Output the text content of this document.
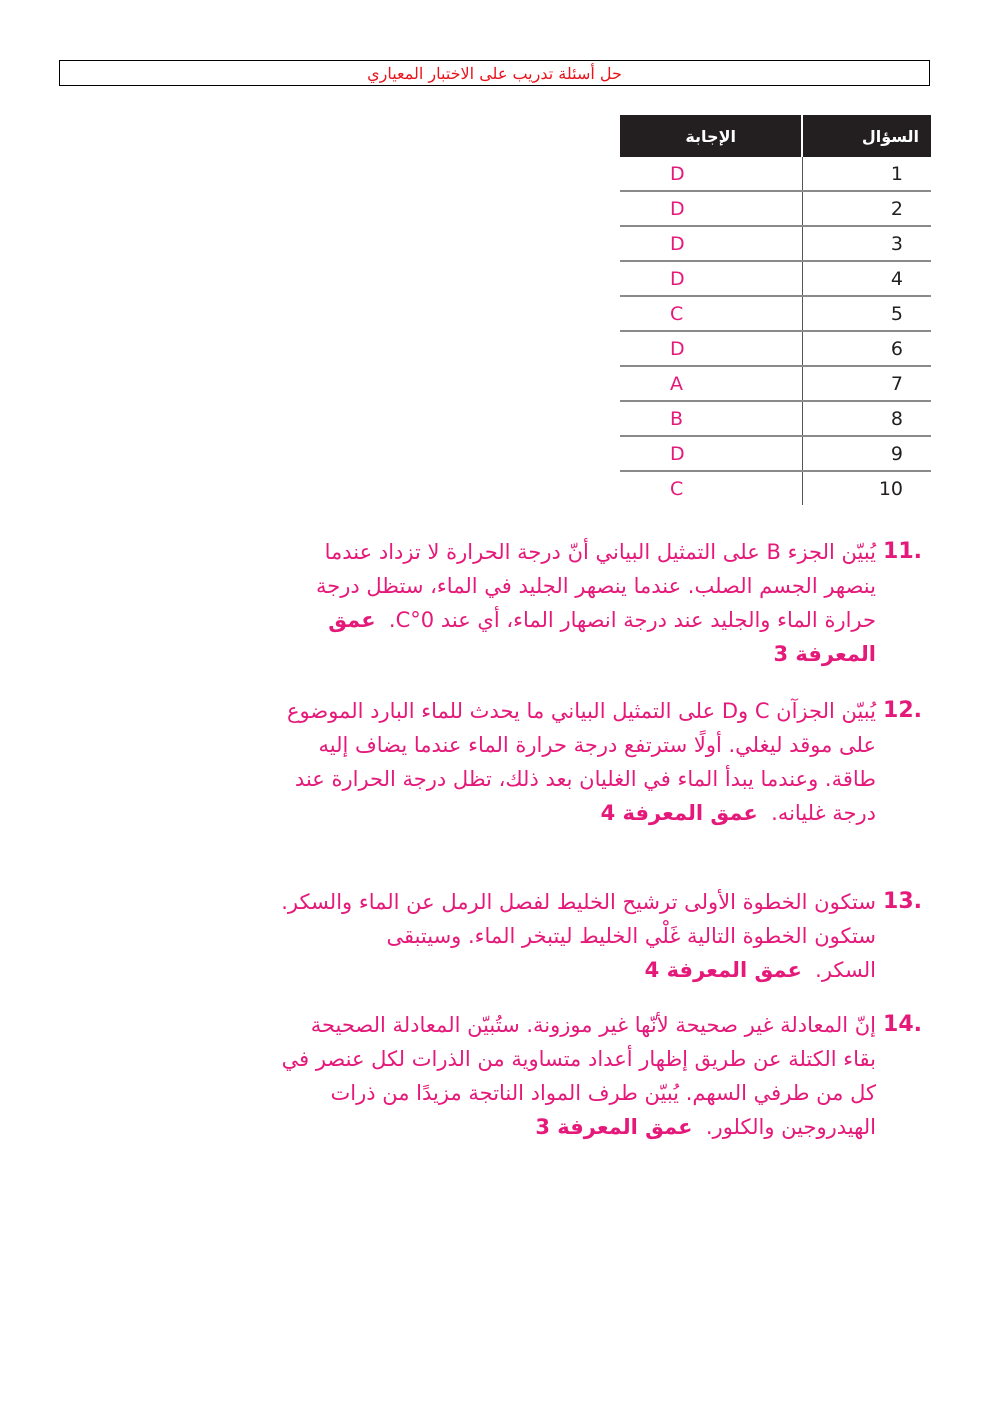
حل أسئلة تدريب على الاختبار المعياري
الإجابة	السؤال
D	1
D	2
D	3
D	4
C	5
D	6
A	7
B	8
D	9
C	10
11.
يُبيّن الجزء B على التمثيل البياني أنّ درجة الحرارة لا تزداد عندما ينصهر الجسم الصلب. عندما ينصهر الجليد في الماء، ستظل درجة حرارة الماء والجليد عند درجة انصهار الماء، أي عند 0°C.  عمق المعرفة 3
12.
يُبيّن الجزآن C وD على التمثيل البياني ما يحدث للماء البارد الموضوع على موقد ليغلي. أولًا سترتفع درجة حرارة الماء عندما يضاف إليه طاقة. وعندما يبدأ الماء في الغليان بعد ذلك، تظل درجة الحرارة عند درجة غليانه.  عمق المعرفة 4
13.
ستكون الخطوة الأولى ترشيح الخليط لفصل الرمل عن الماء والسكر. ستكون الخطوة التالية غَلْي الخليط ليتبخر الماء. وسيتبقى السكر.  عمق المعرفة 4
14.
إنّ المعادلة غير صحيحة لأنّها غير موزونة. ستُبيّن المعادلة الصحيحة بقاء الكتلة عن طريق إظهار أعداد متساوية من الذرات لكل عنصر في كل من طرفي السهم. يُبيّن طرف المواد الناتجة مزيدًا من ذرات الهيدروجين والكلور.  عمق المعرفة 3
